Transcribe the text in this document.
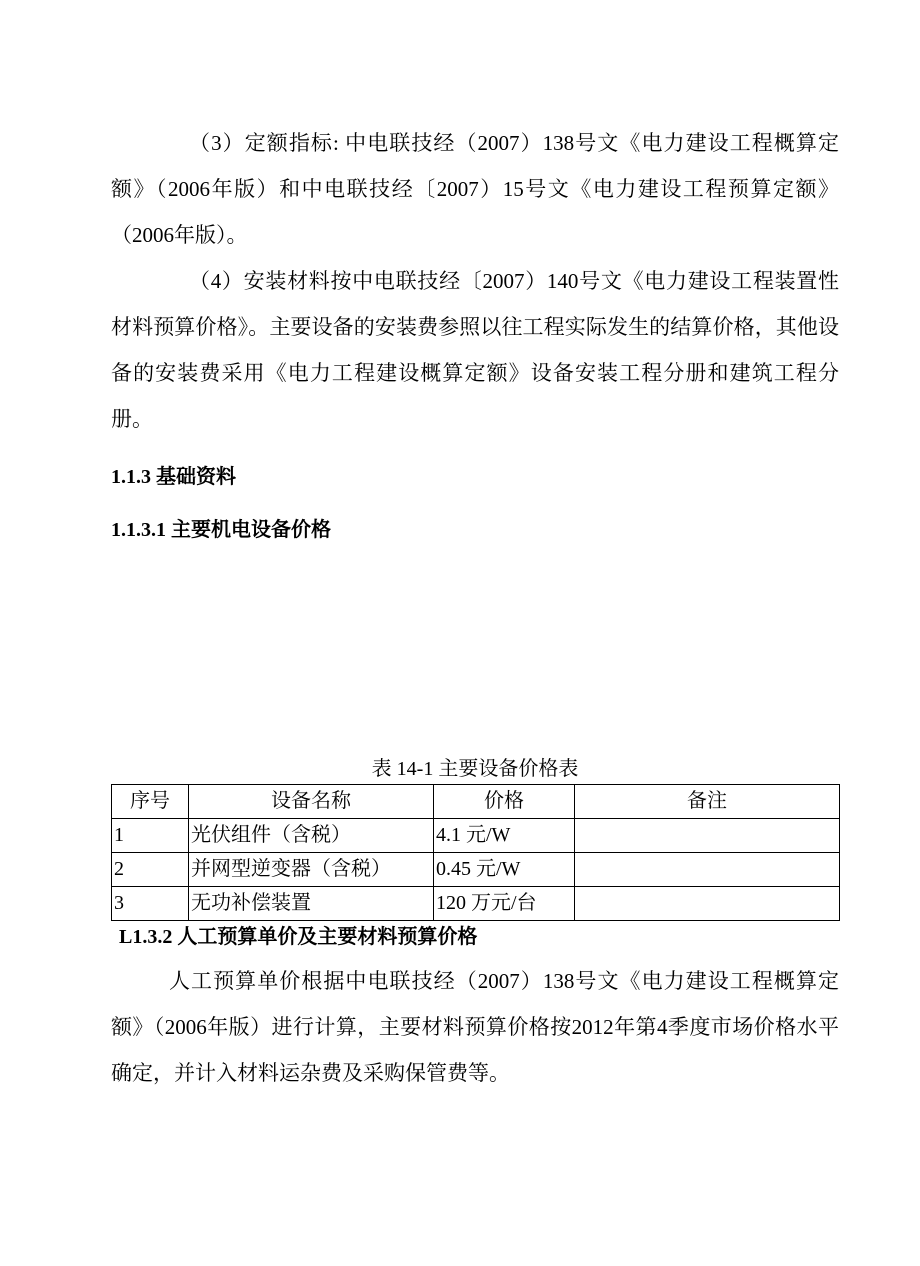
（3）定额指标: 中电联技经（2007）138号文《电力建设工程概算定额》（2006年版）和中电联技经〔2007）15号文《电力建设工程预算定额》（2006年版）。

（4）安装材料按中电联技经〔2007）140号文《电力建设工程装置性材料预算价格》。主要设备的安装费参照以往工程实际发生的结算价格，其他设备的安装费采用《电力工程建设概算定额》设备安装工程分册和建筑工程分册。

1.1.3 基础资料
1.1.3.1 主要机电设备价格

表 14-1 主要设备价格表

序号	设备名称	价格	备注
1	光伏组件（含税）	4.1 元/W	
2	并网型逆变器（含税）	0.45 元/W	
3	无功补偿装置	120 万元/台	
L1.3.2 人工预算单价及主要材料预算价格

人工预算单价根据中电联技经（2007）138号文《电力建设工程概算定额》（2006年版）进行计算，主要材料预算价格按2012年第4季度市场价格水平确定，并计入材料运杂费及采购保管费等。
